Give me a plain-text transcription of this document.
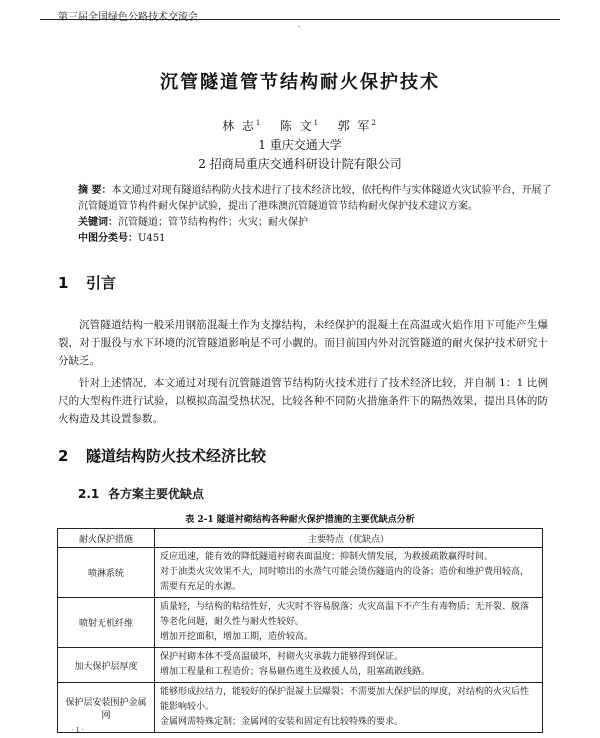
第三届全国绿色公路技术交流会
·
沉管隧道管节结构耐火保护技术
林 志$^1$ 陈 文$^1$ 郭 军$^2$
1 重庆交通大学
2 招商局重庆交通科研设计院有限公司

摘 要：本文通过对现有隧道结构防火技术进行了技术经济比较，依托构件与实体隧道火灾试验平台，开展了沉管隧道管节构件耐火保护试验，提出了港珠澳沉管隧道管节结构耐火保护技术建议方案。

关键词：沉管隧道；管节结构构件；火灾；耐火保护

中图分类号：U451

1 引言

沉管隧道结构一般采用钢筋混凝土作为支撑结构，未经保护的混凝土在高温或火焰作用下可能产生爆裂，对于服役与水下环境的沉管隧道影响是不可小觑的。而目前国内外对沉管隧道的耐火保护技术研究十分缺乏。

针对上述情况，本文通过对现有沉管隧道管节结构防火技术进行了技术经济比较，并自制 1：1 比例尺的大型构件进行试验，以模拟高温受热状况，比较各种不同防火措施条件下的隔热效果，提出具体的防火构造及其设置参数。

2 隧道结构防火技术经济比较
2.1 各方案主要优缺点
表 2-1 隧道衬砌结构各种耐火保护措施的主要优缺点分析
耐火保护措施	主要特点（优缺点）
喷淋系统	反应迅速，能有效的降低隧道衬砌表面温度；抑制火情发展，为救援疏散赢得时间。
对于油类火灾效果不大，同时喷出的水蒸气可能会烫伤隧道内的设备；造价和维护费用较高，需要有充足的水源。

喷射无机纤维	质量轻，与结构的粘结性好，火灾时不容易脱落；火灾高温下不产生有毒物质；无开裂、脱落等老化问题，耐久性与耐火性较好。
增加开挖面积，增加工期，造价较高。

加大保护层厚度	保护衬砌本体不受高温破坏，衬砌火灾承载力能够得到保证。
增加工程量和工程造价；容易砸伤逃生及救援人员，阻塞疏散线路。

保护层安装围护金属网	能够形成拉结力，能较好的保护混凝土层爆裂；不需要加大保护层的厚度，对结构的火灾后性能影响较小。
金属网需特殊定制；金属网的安装和固定有比较特殊的要求。
· 1 ·
